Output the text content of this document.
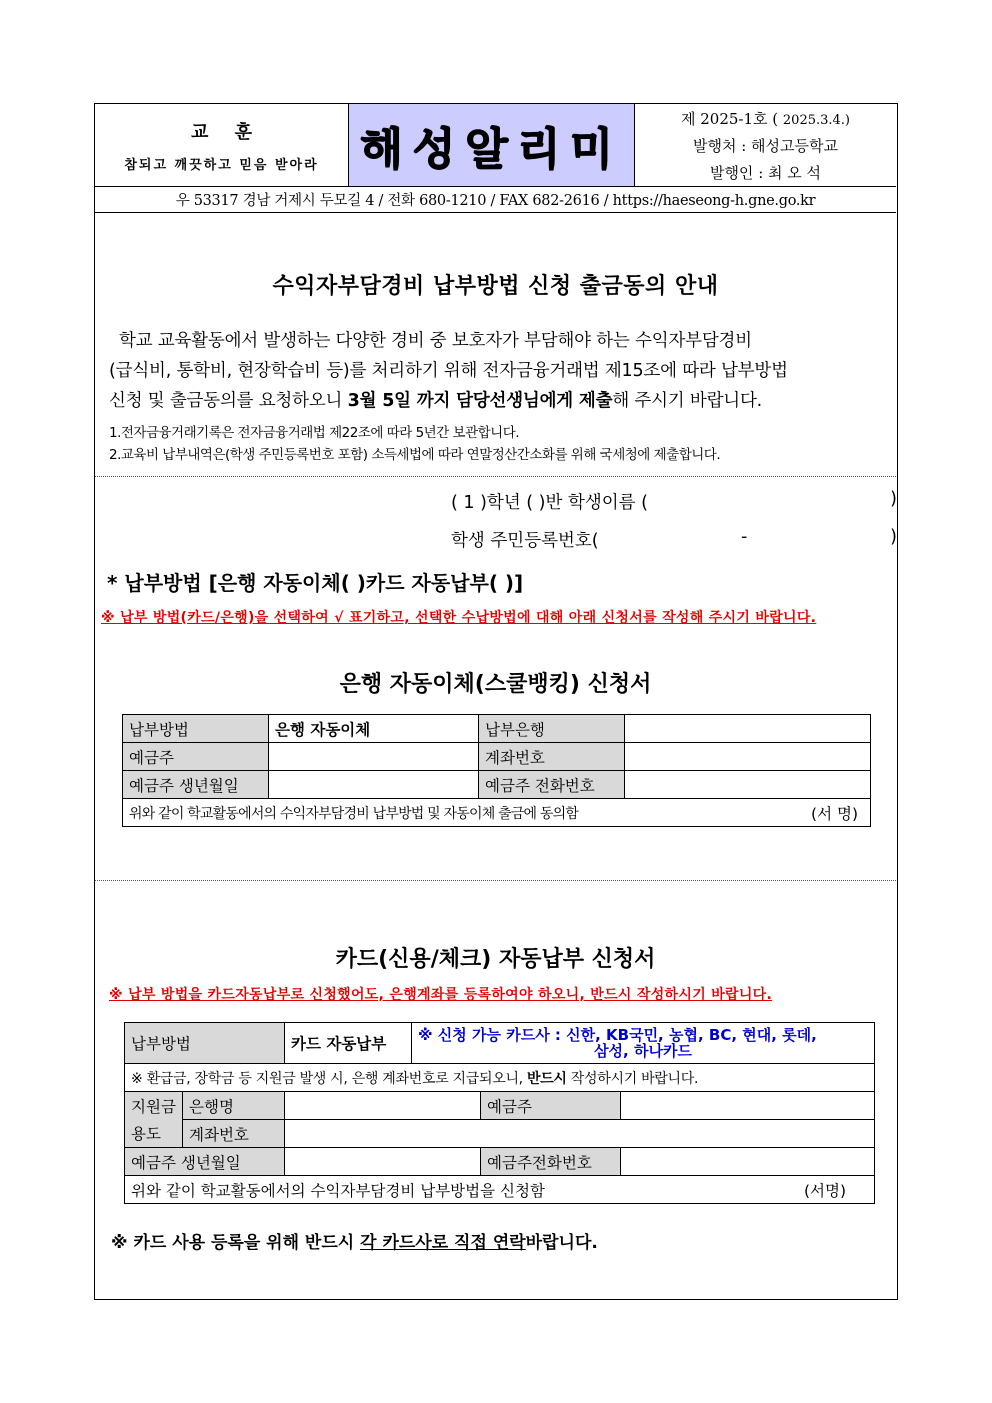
교 훈
참되고 깨끗하고 믿음 받아라 해성알리미
제 2025-1호 ( 2025.3.4.)
발행처 : 해성고등학교
발행인 : 최 오 석
우 53317 경남 거제시 두모길 4 / 전화 680-1210 / FAX 682-2616 / https://haeseong-h.gne.go.kr
수익자부담경비 납부방법 신청 출금동의 안내
학교 교육활동에서 발생하는 다양한 경비 중 보호자가 부담해야 하는 수익자부담경비
(급식비, 통학비, 현장학습비 등)를 처리하기 위해 전자금융거래법 제15조에 따라 납부방법
신청 및 출금동의를 요청하오니 3월 5일 까지 담당선생님에게 제출해 주시기 바랍니다.
1.전자금융거래기록은 전자금융거래법 제22조에 따라 5년간 보관합니다.
2.교육비 납부내역은(학생 주민등록번호 포함) 소득세법에 따라 연말정산간소화를 위해 국세청에 제출합니다.
( 1 )학년 ( )반 학생이름 (	)
학생 주민등록번호(	-	)
* 납부방법 [은행 자동이체( )카드 자동납부( )]
※ 납부 방법(카드/은행)을 선택하여 √ 표기하고, 선택한 수납방법에 대해 아래 신청서를 작성해 주시기 바랍니다.
은행 자동이체(스쿨뱅킹) 신청서
납부방법	은행 자동이체	납부은행	
예금주		계좌번호	
예금주 생년월일		예금주 전화번호	
위와 같이 학교활동에서의 수익자부담경비 납부방법 및 자동이체 출금에 동의함 (서 명)			
카드(신용/체크) 자동납부 신청서
※ 납부 방법을 카드자동납부로 신청했어도, 은행계좌를 등록하여야 하오니, 반드시 작성하시기 바랍니다.
납부방법		카드 자동납부	※ 신청 가능 카드사 : 신한, KB국민, 농협, BC, 현대, 롯데,
삼성, 하나카드		

※ 환급금, 장학금 등 지원금 발생 시, 은행 계좌번호로 지급되오니, 반드시 작성하시기 바랍니다.					
지원금	은행명			예금주	
용도	계좌번호				
예금주 생년월일				예금주전화번호	
위와 같이 학교활동에서의 수익자부담경비 납부방법을 신청함 (서명)					
※ 카드 사용 등록을 위해 반드시 각 카드사로 직접 연락바랍니다.
